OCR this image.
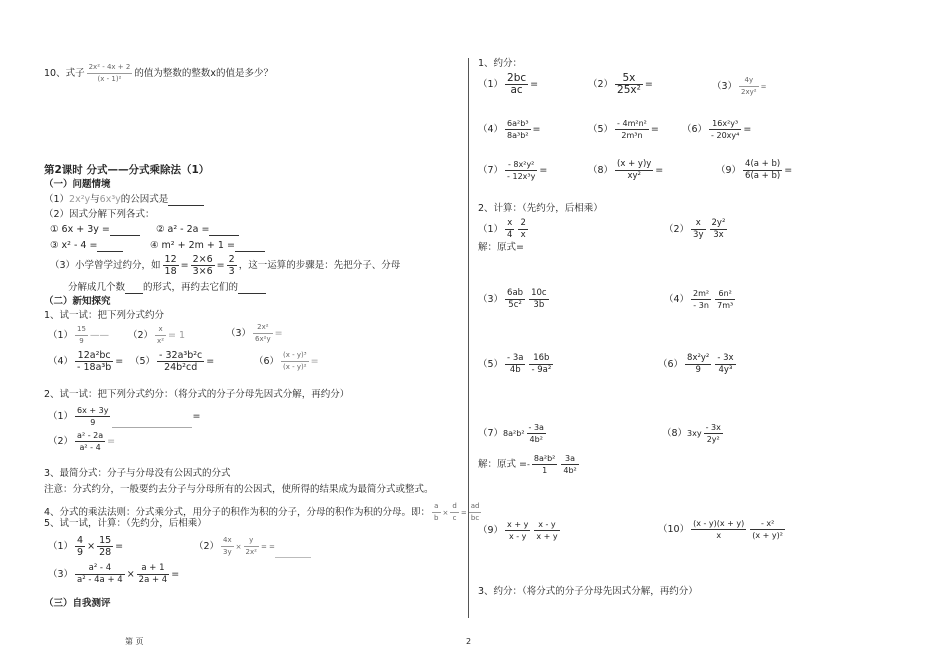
10、式子 $\frac{\text{2x² - 4x + 2}}{\text{(x - 1)²}}$ 的值为整数的整数x的值是多少？
第2课时 分式——分式乘除法（1）
（一）问题情境
（1）2x²y与6x³y的公因式是
（2）因式分解下列各式：
① 6x + 3y =	② a² - 2a =
③ x² - 4 =	④ m² + 2m + 1 =
（3）小学曾学过约分，如 $\frac{12}{18} = \frac{2\times 6}{3\times 6} = \frac{2}{3}$ ，这一运算的步骤是：先把分子、分母
分解成几个数 的形式，再约去它们的
（二）新知探究
1、试一试：把下列分式约分
$(1) \frac{15}{9}$ —— $(2) \frac{x}{\text{x²}} = 1$	$(3) \frac{\text{2x²}}{\text{6x²y}}$ =
$(4) \frac{\text{12a²bc}}{\text{- 18a³b}} = (5) \frac{\text{- 32a³b²c}}{\text{24b²cd}}$ =	$(6) \frac{\text{(x - y)³}}{\text{(x - y)²}}$ =
2、试一试：把下列分式约分：（将分式的分子分母先因式分解，再约分）
$(1) \frac{6x + 3y}{9}$	=
$(2) \frac{\text{a² - 2a}}{\text{a² - 4}}$ =
3、最简分式：分子与分母没有公因式的分式
注意：分式约分，一般要约去分子与分母所有的公因式，使所得的结果成为最简分式或整式。
4、分式的乘法法则：分式乘分式，用分子的积作为积的分子，分母的积作为积的分母。即： $\frac{a}{b} \times \frac{d}{c} = \frac{ad}{bc}$
5、试一试，计算：（先约分，后相乘）
$(1) \frac{4}{9} \times \frac{15}{28}$ =	$(2) \frac{4x}{3y} \times \frac{y}{\text{2x²}}$ = =
$(3) \frac{\text{a² - 4}}{\text{a² - 4a + 4}} \times \frac{a + 1}{2a + 4}$ =
（三）自我测评
第 页
1、约分：
$(1) \frac{2bc}{ac}$ =	$(2) \frac{5x}{\text{25x²}}$ =	$(3) \frac{4y}{\text{2xy²}}$ =
$(4) \frac{\text{6a²b³}}{\text{8a³b²}}$ =	$(5) \frac{\text{- 4m²n²}}{\text{2m³n}} = (6) \frac{\text{16x²y³}}{\text{- 20xy⁴}}$ =
$(7) \frac{\text{- 8x²y²}}{\text{- 12x³y}}$ =	$(8) \frac{(x + y)y}{\text{xy²}}$ =	$(9) \frac{4(a + b)}{6(a + b)}$ =
2、计算：（先约分，后相乘）
$(1) \frac{x}{4} \frac{2}{x}$	$(2) \frac{x}{3y} \frac{\text{2y²}}{3x}$
解：原式=
$(3) \frac{6ab}{\text{5c²}} \frac{10c}{3b}$	$(4) \frac{\text{2m²}}{- 3n} \frac{\text{6n²}}{\text{7m³}}$
$(5) \frac{- 3a}{4b} \frac{16b}{\text{- 9a²}}$	$(6) \frac{\text{8x²y²}}{9} \frac{- 3x}{\text{4y³}}$
$(7)8a^2b^2 \frac{- 3a}{\text{4b²}}$	$(8)3xy \frac{- 3x}{\text{2y²}}$
解：原式 =- $\frac{\text{8a²b²}}{1} \frac{3a}{\text{4b²}}$
$(9) \frac{x + y}{x - y} \frac{x - y}{x + y}$	$(10) \frac{(x - y)(x + y)}{x} \frac{\text{- x²}}{\text{(x + y)²}}$
3、约分：（将分式的分子分母先因式分解，再约分）
2
